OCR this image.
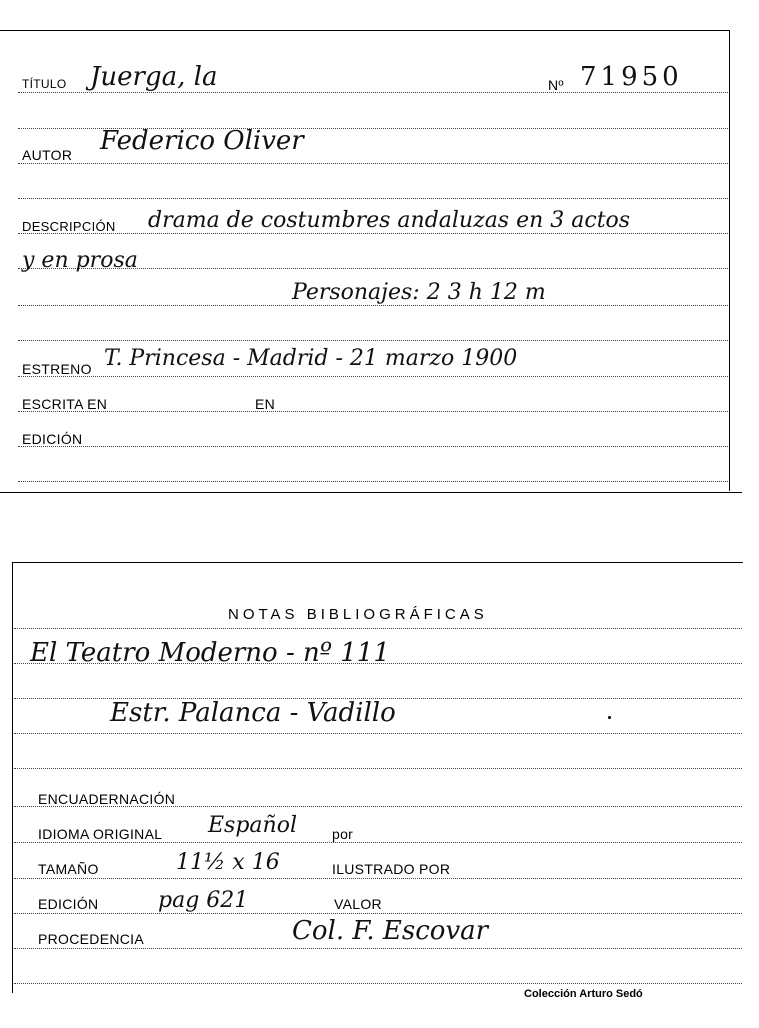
TÍTULO Juerga, la	Nº 71950
AUTOR Federico Oliver
DESCRIPCIÓN drama de costumbres andaluzas en 3 actos
y en prosa
Personajes: 2 3 h 12 m
ESTRENO T. Princesa - Madrid - 21 marzo 1900
ESCRITA EN	EN
EDICIÓN
NOTAS BIBLIOGRÁFICAS
El Teatro Moderno - nº 111
Estr. Palanca - Vadillo
ENCUADERNACIÓN
IDIOMA ORIGINAL Español	por
TAMAÑO	11½ x 16	ILUSTRADO POR
EDICIÓN	pag 621	VALOR
PROCEDENCIA	Col. F. Escovar
Colección Arturo Sedó
